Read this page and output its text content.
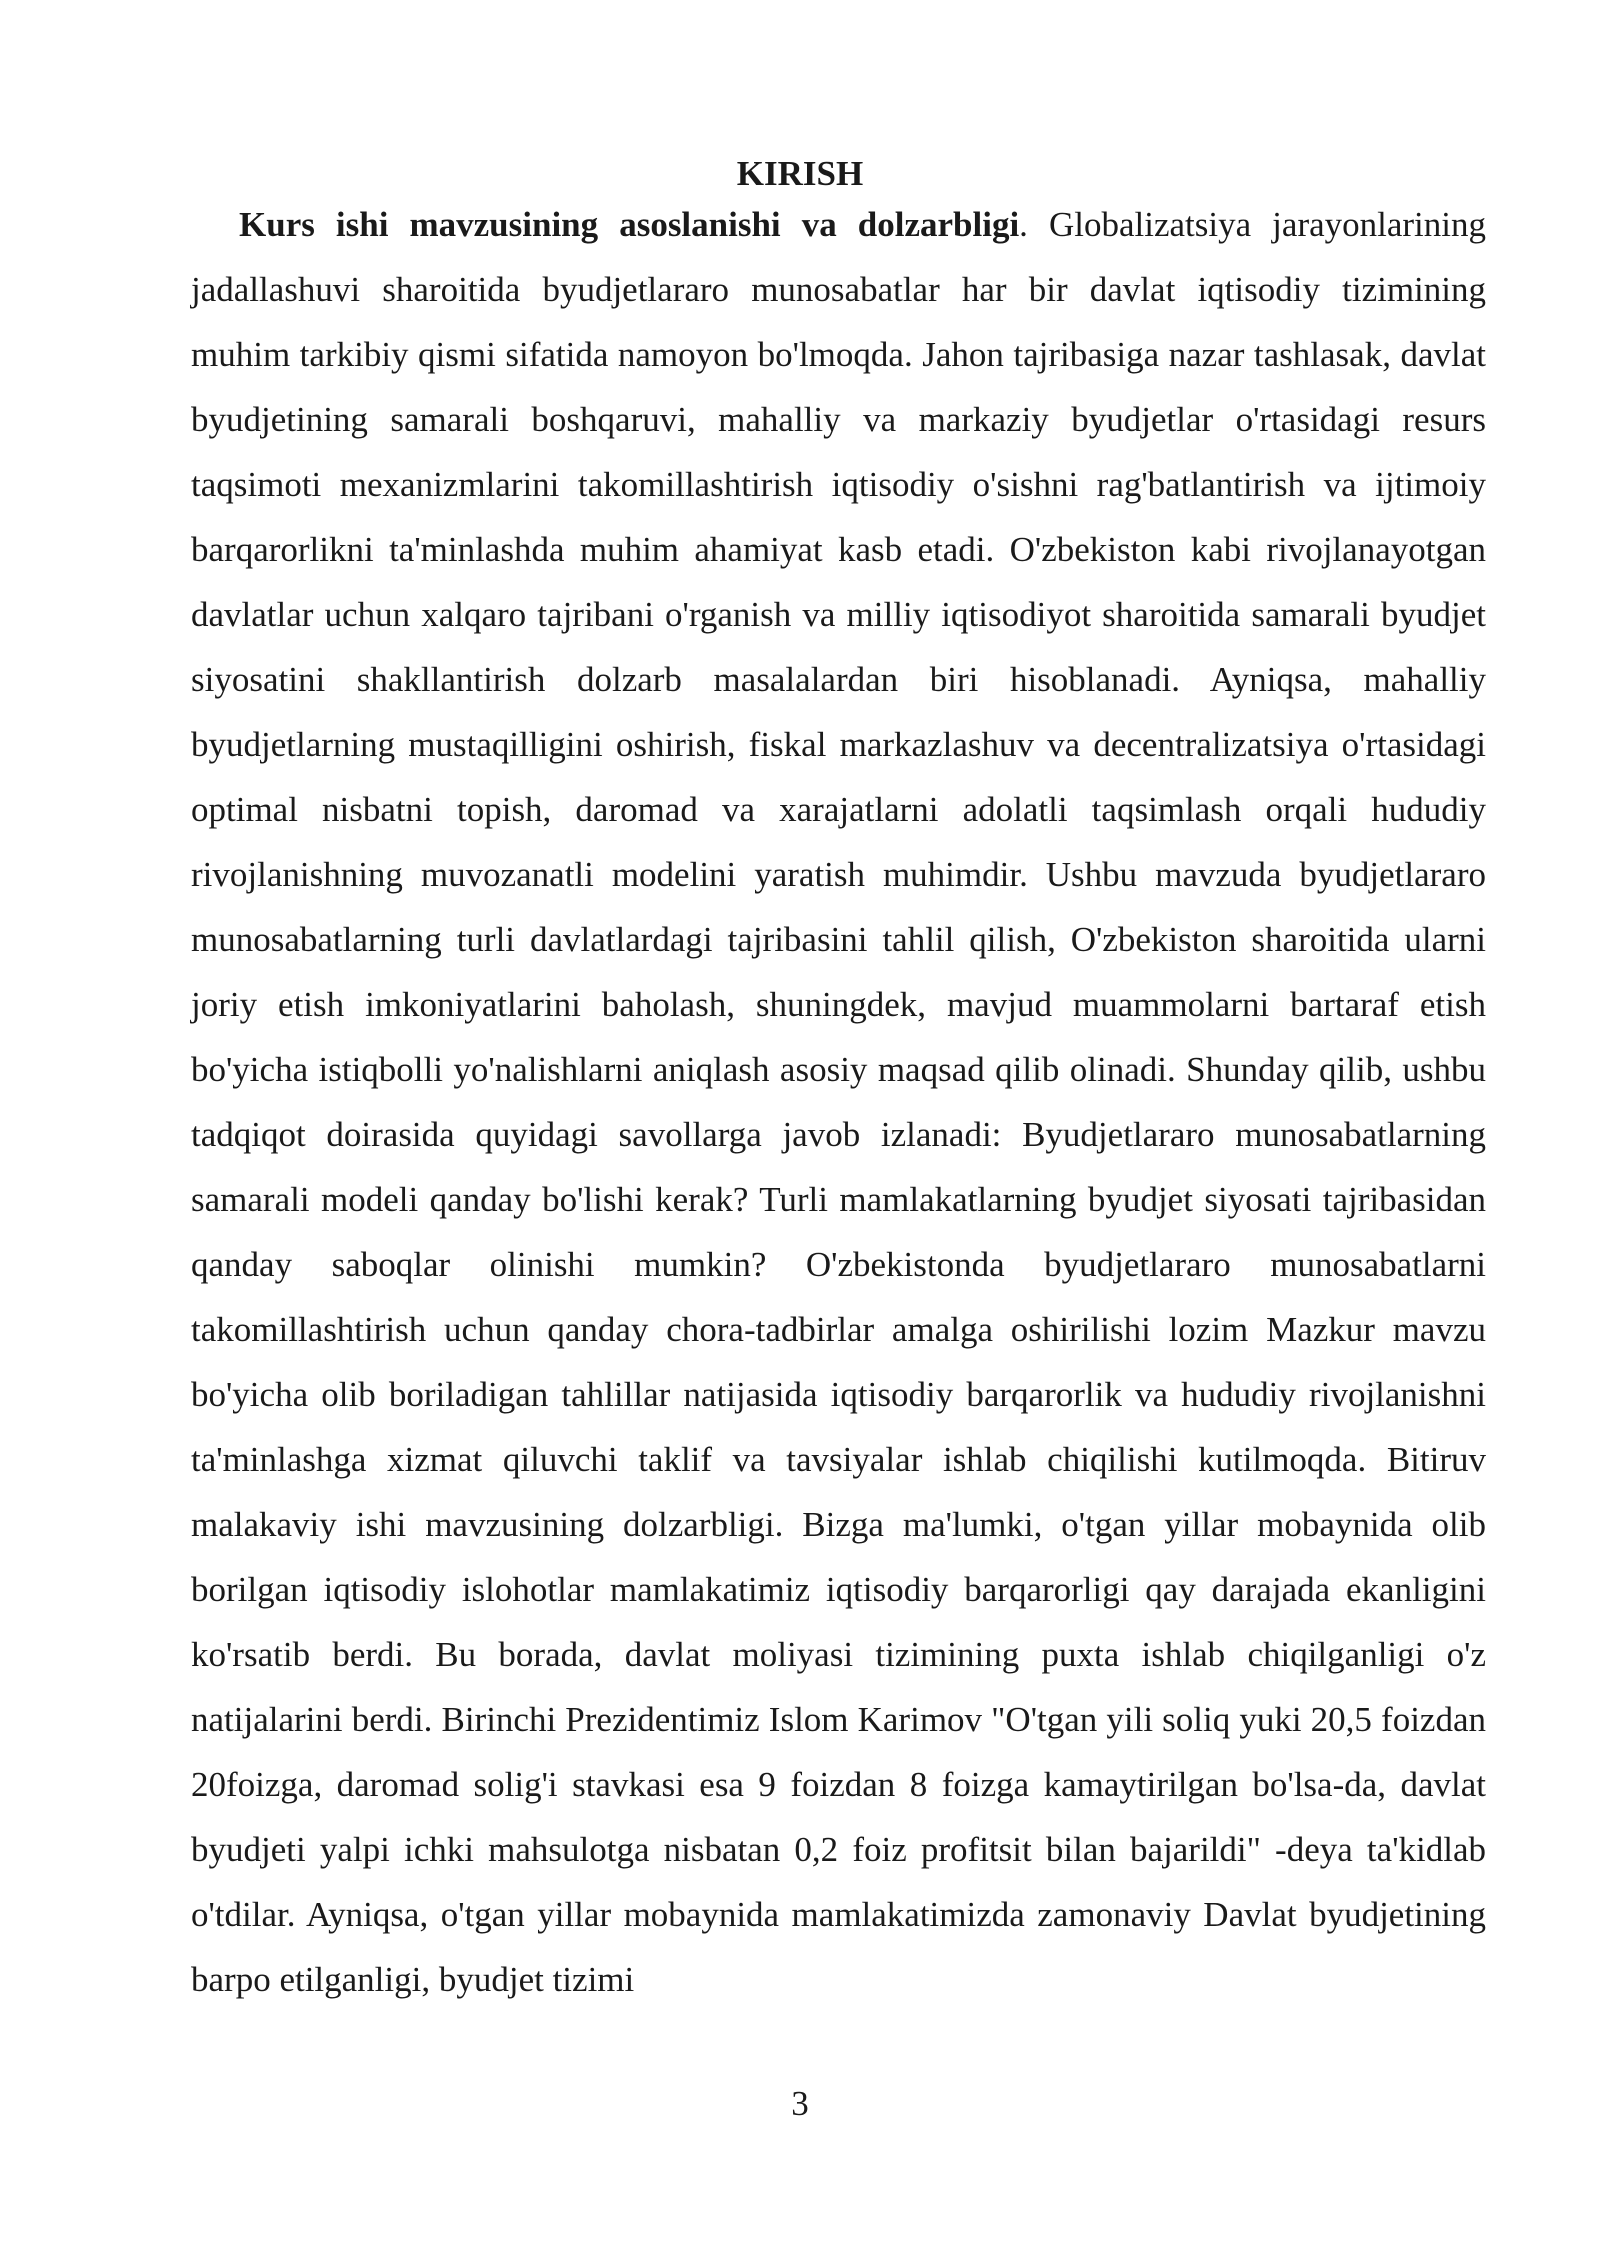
KIRISH

Kurs ishi mavzusining asoslanishi va dolzarbligi. Globalizatsiya jarayonlarining jadallashuvi sharoitida byudjetlararo munosabatlar har bir davlat iqtisodiy tizimining muhim tarkibiy qismi sifatida namoyon bo'lmoqda. Jahon tajribasiga nazar tashlasak, davlat byudjetining samarali boshqaruvi, mahalliy va markaziy byudjetlar o'rtasidagi resurs taqsimoti mexanizmlarini takomillashtirish iqtisodiy o'sishni rag'batlantirish va ijtimoiy barqarorlikni ta'minlashda muhim ahamiyat kasb etadi. O'zbekiston kabi rivojlanayotgan davlatlar uchun xalqaro tajribani o'rganish va milliy iqtisodiyot sharoitida samarali byudjet siyosatini shakllantirish dolzarb masalalardan biri hisoblanadi. Ayniqsa, mahalliy byudjetlarning mustaqilligini oshirish, fiskal markazlashuv va decentralizatsiya o'rtasidagi optimal nisbatni topish, daromad va xarajatlarni adolatli taqsimlash orqali hududiy rivojlanishning muvozanatli modelini yaratish muhimdir. Ushbu mavzuda byudjetlararo munosabatlarning turli davlatlardagi tajribasini tahlil qilish, O'zbekiston sharoitida ularni joriy etish imkoniyatlarini baholash, shuningdek, mavjud muammolarni bartaraf etish bo'yicha istiqbolli yo'nalishlarni aniqlash asosiy maqsad qilib olinadi. Shunday qilib, ushbu tadqiqot doirasida quyidagi savollarga javob izlanadi: Byudjetlararo munosabatlarning samarali modeli qanday bo'lishi kerak? Turli mamlakatlarning byudjet siyosati tajribasidan qanday saboqlar olinishi mumkin? O'zbekistonda byudjetlararo munosabatlarni takomillashtirish uchun qanday chora-tadbirlar amalga oshirilishi lozim Mazkur mavzu bo'yicha olib boriladigan tahlillar natijasida iqtisodiy barqarorlik va hududiy rivojlanishni ta'minlashga xizmat qiluvchi taklif va tavsiyalar ishlab chiqilishi kutilmoqda. Bitiruv malakaviy ishi mavzusining dolzarbligi. Bizga ma'lumki, o'tgan yillar mobaynida olib borilgan iqtisodiy islohotlar mamlakatimiz iqtisodiy barqarorligi qay darajada ekanligini ko'rsatib berdi. Bu borada, davlat moliyasi tizimining puxta ishlab chiqilganligi o'z natijalarini berdi. Birinchi Prezidentimiz Islom Karimov "O'tgan yili soliq yuki 20,5 foizdan 20foizga, daromad solig'i stavkasi esa 9 foizdan 8 foizga kamaytirilgan bo'lsa-da, davlat byudjeti yalpi ichki mahsulotga nisbatan 0,2 foiz profitsit bilan bajarildi" -deya ta'kidlab o'tdilar. Ayniqsa, o'tgan yillar mobaynida mamlakatimizda zamonaviy Davlat byudjetining barpo etilganligi, byudjet tizimi

3
